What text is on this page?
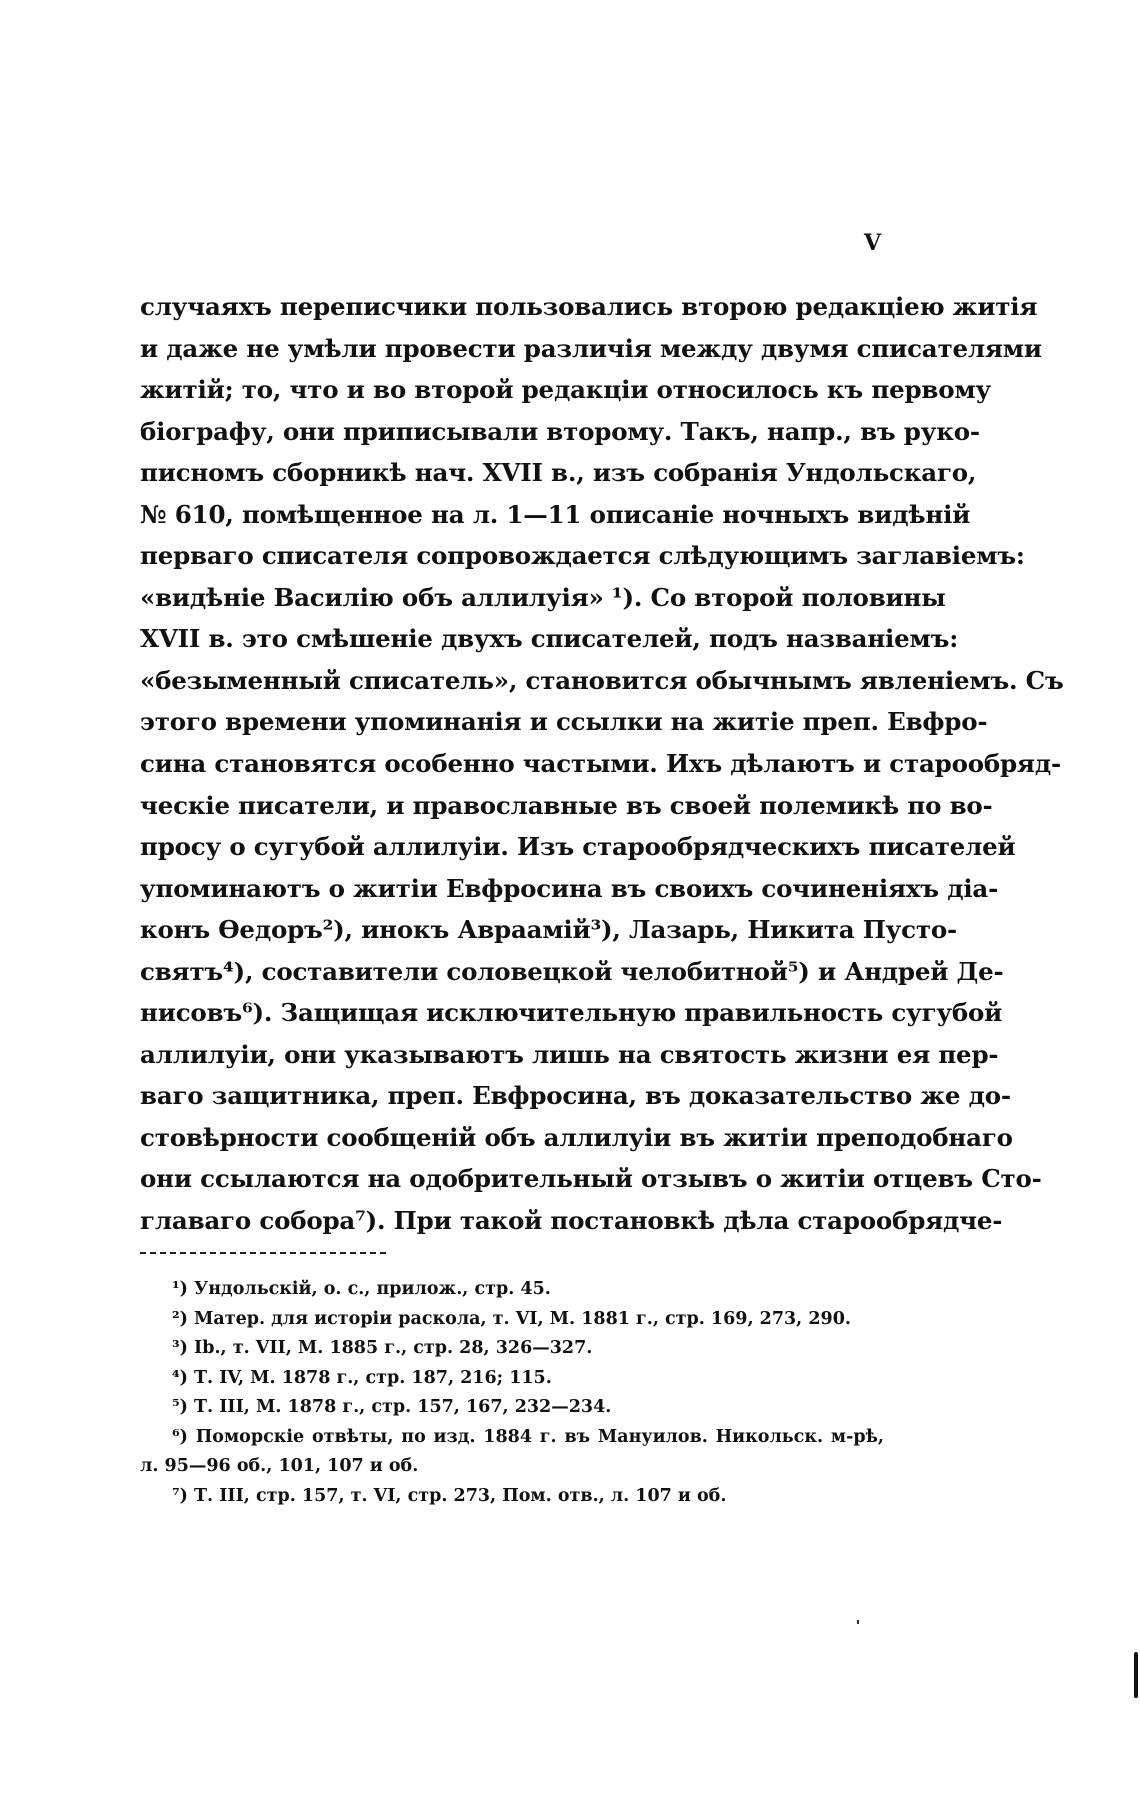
V
случаяхъ переписчики пользовались второю редакціею житія
и даже не умѣли провести различія между двумя списателями
житій; то, что и во второй редакціи относилось къ первому
біографу, они приписывали второму. Такъ, напр., въ руко-
писномъ сборникѣ нач. XVII в., изъ собранія Ундольскаго,
№ 610, помѣщенное на л. 1—11 описаніе ночныхъ видѣній
перваго списателя сопровождается слѣдующимъ заглавіемъ:
«видѣніе Василію объ аллилуія» ¹). Со второй половины
XVII в. это смѣшеніе двухъ списателей, подъ названіемъ:
«безыменный списатель», становится обычнымъ явленіемъ. Съ
этого времени упоминанія и ссылки на житіе преп. Евфро-
сина становятся особенно частыми. Ихъ дѣлаютъ и старообряд-
ческіе писатели, и православные въ своей полемикѣ по во-
просу о сугубой аллилуіи. Изъ старообрядческихъ писателей
упоминаютъ о житіи Евфросина въ своихъ сочиненіяхъ діа-
конъ Ѳедоръ²), инокъ Авраамій³), Лазарь, Никита Пусто-
святъ⁴), составители соловецкой челобитной⁵) и Андрей Де-
нисовъ⁶). Защищая исключительную правильность сугубой
аллилуіи, они указываютъ лишь на святость жизни ея пер-
ваго защитника, преп. Евфросина, въ доказательство же до-
стовѣрности сообщеній объ аллилуіи въ житіи преподобнаго
они ссылаются на одобрительный отзывъ о житіи отцевъ Сто-
главаго собора⁷). При такой постановкѣ дѣла старообрядче-
¹) Ундольскій, о. с., прилож., стр. 45.
²) Матер. для исторіи раскола, т. VI, М. 1881 г., стр. 169, 273, 290.
³) Ib., т. VII, М. 1885 г., стр. 28, 326—327.
⁴) Т. IV, М. 1878 г., стр. 187, 216; 115.
⁵) Т. III, М. 1878 г., стр. 157, 167, 232—234.
⁶) Поморскіе отвѣты, по изд. 1884 г. въ Мануилов. Никольск. м-рѣ,
л. 95—96 об., 101, 107 и об.
⁷) Т. III, стр. 157, т. VI, стр. 273, Пом. отв., л. 107 и об.
